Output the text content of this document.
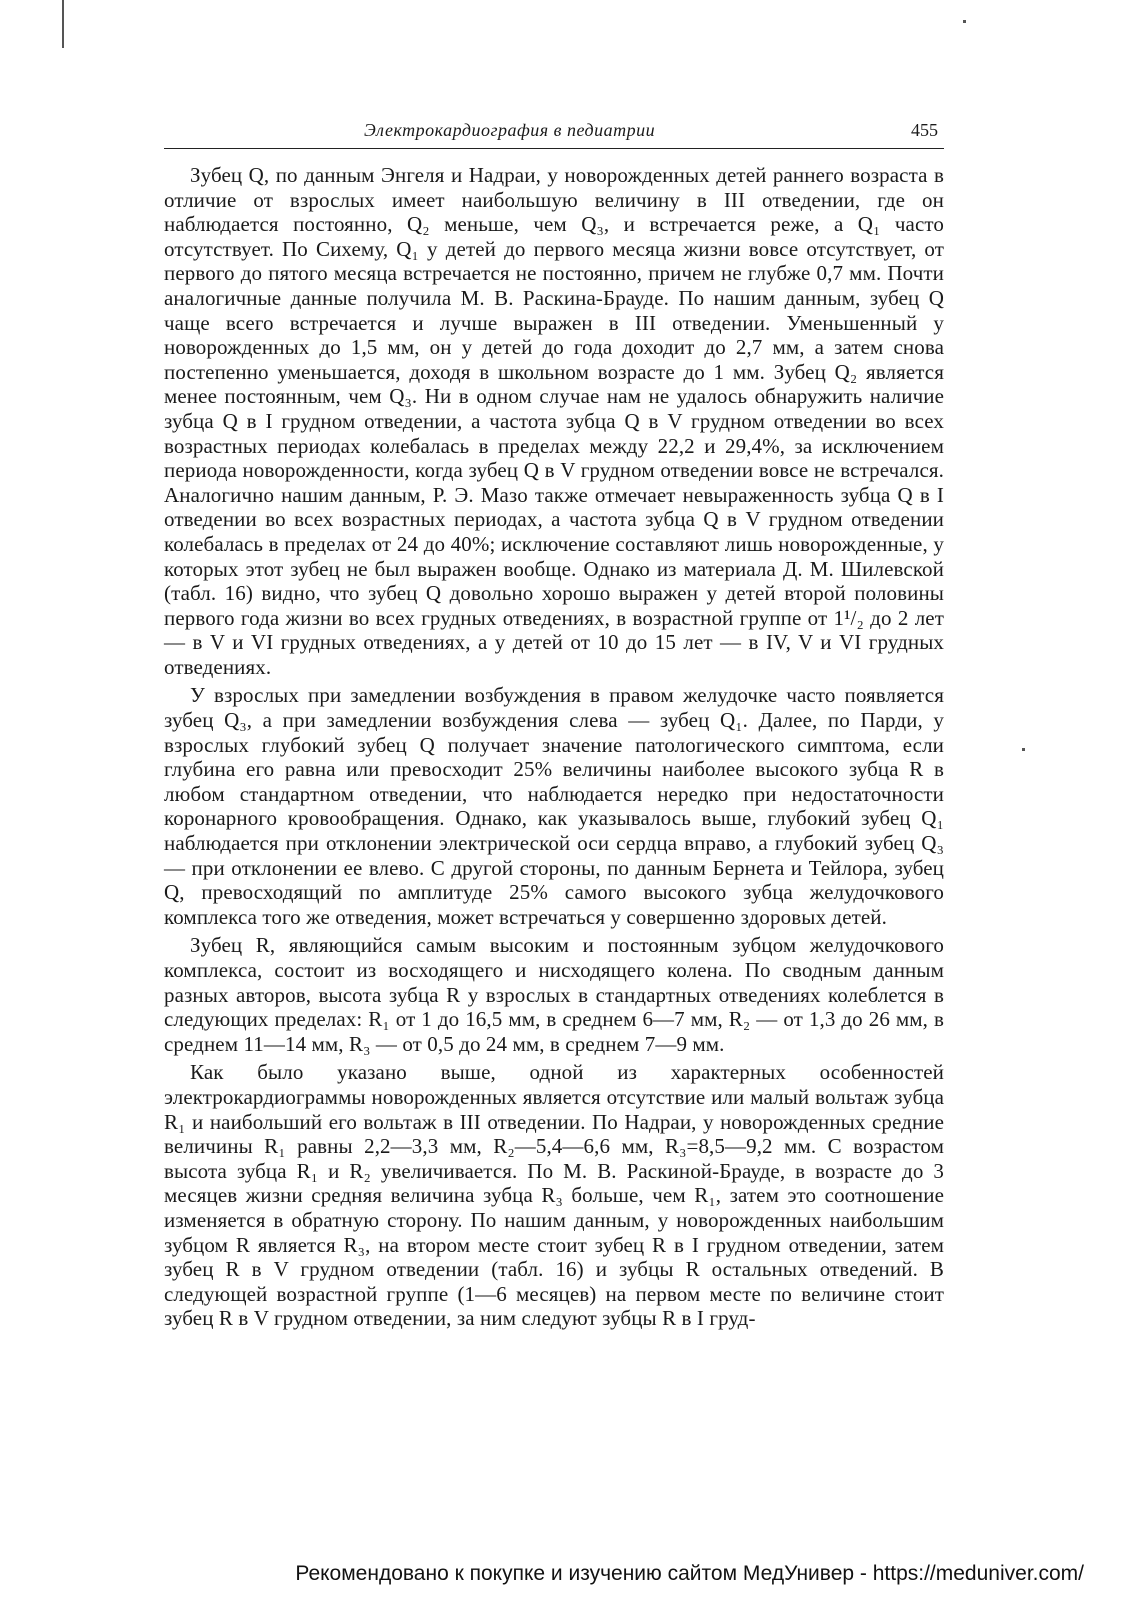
Электрокардиография в педиатрии	455

Зубец Q, по данным Энгеля и Надраи, у новорожденных детей раннего возраста в отличие от взрослых имеет наибольшую величину в III отведении, где он наблюдается постоянно, Q₂ меньше, чем Q₃, и встречается реже, а Q₁ часто отсутствует. По Сихему, Q₁ у детей до первого месяца жизни вовсе отсутствует, от первого до пятого месяца встречается не постоянно, причем не глубже 0,7 мм. Почти аналогичные данные получила М. В. Раскина-Брауде. По нашим данным, зубец Q чаще всего встречается и лучше выражен в III отведении. Уменьшенный у новорожденных до 1,5 мм, он у детей до года доходит до 2,7 мм, а затем снова постепенно уменьшается, доходя в школьном возрасте до 1 мм. Зубец Q₂ является менее постоянным, чем Q₃. Ни в одном случае нам не удалось обнаружить наличие зубца Q в I грудном отведении, а частота зубца Q в V грудном отведении во всех возрастных периодах колебалась в пределах между 22,2 и 29,4%, за исключением периода новорожденности, когда зубец Q в V грудном отведении вовсе не встречался. Аналогично нашим данным, Р. Э. Мазо также отмечает невыраженность зубца Q в I отведении во всех возрастных периодах, а частота зубца Q в V грудном отведении колебалась в пределах от 24 до 40%; исключение составляют лишь новорожденные, у которых этот зубец не был выражен вообще. Однако из материала Д. М. Шилевской (табл. 16) видно, что зубец Q довольно хорошо выражен у детей второй половины первого года жизни во всех грудных отведениях, в возрастной группе от 1¹/₂ до 2 лет — в V и VI грудных отведениях, а у детей от 10 до 15 лет — в IV, V и VI грудных отведениях.

У взрослых при замедлении возбуждения в правом желудочке часто появляется зубец Q₃, а при замедлении возбуждения слева — зубец Q₁. Далее, по Парди, у взрослых глубокий зубец Q получает значение патологического симптома, если глубина его равна или превосходит 25% величины наиболее высокого зубца R в любом стандартном отведении, что наблюдается нередко при недостаточности коронарного кровообращения. Однако, как указывалось выше, глубокий зубец Q₁ наблюдается при отклонении электрической оси сердца вправо, а глубокий зубец Q₃ — при отклонении ее влево. С другой стороны, по данным Бернета и Тейлора, зубец Q, превосходящий по амплитуде 25% самого высокого зубца желудочкового комплекса того же отведения, может встречаться у совершенно здоровых детей.

Зубец R, являющийся самым высоким и постоянным зубцом желудочкового комплекса, состоит из восходящего и нисходящего колена. По сводным данным разных авторов, высота зубца R у взрослых в стандартных отведениях колеблется в следующих пределах: R₁ от 1 до 16,5 мм, в среднем 6—7 мм, R₂ — от 1,3 до 26 мм, в среднем 11—14 мм, R₃ — от 0,5 до 24 мм, в среднем 7—9 мм.

Как было указано выше, одной из характерных особенностей электрокардиограммы новорожденных является отсутствие или малый вольтаж зубца R₁ и наибольший его вольтаж в III отведении. По Надраи, у новорожденных средние величины R₁ равны 2,2—3,3 мм, R₂—5,4—6,6 мм, R₃=8,5—9,2 мм. С возрастом высота зубца R₁ и R₂ увеличивается. По М. В. Раскиной-Брауде, в возрасте до 3 месяцев жизни средняя величина зубца R₃ больше, чем R₁, затем это соотношение изменяется в обратную сторону. По нашим данным, у новорожденных наибольшим зубцом R является R₃, на втором месте стоит зубец R в I грудном отведении, затем зубец R в V грудном отведении (табл. 16) и зубцы R остальных отведений. В следующей возрастной группе (1—6 месяцев) на первом месте по величине стоит зубец R в V грудном отведении, за ним следуют зубцы R в I груд-

Рекомендовано к покупке и изучению сайтом МедУнивер - https://meduniver.com/
